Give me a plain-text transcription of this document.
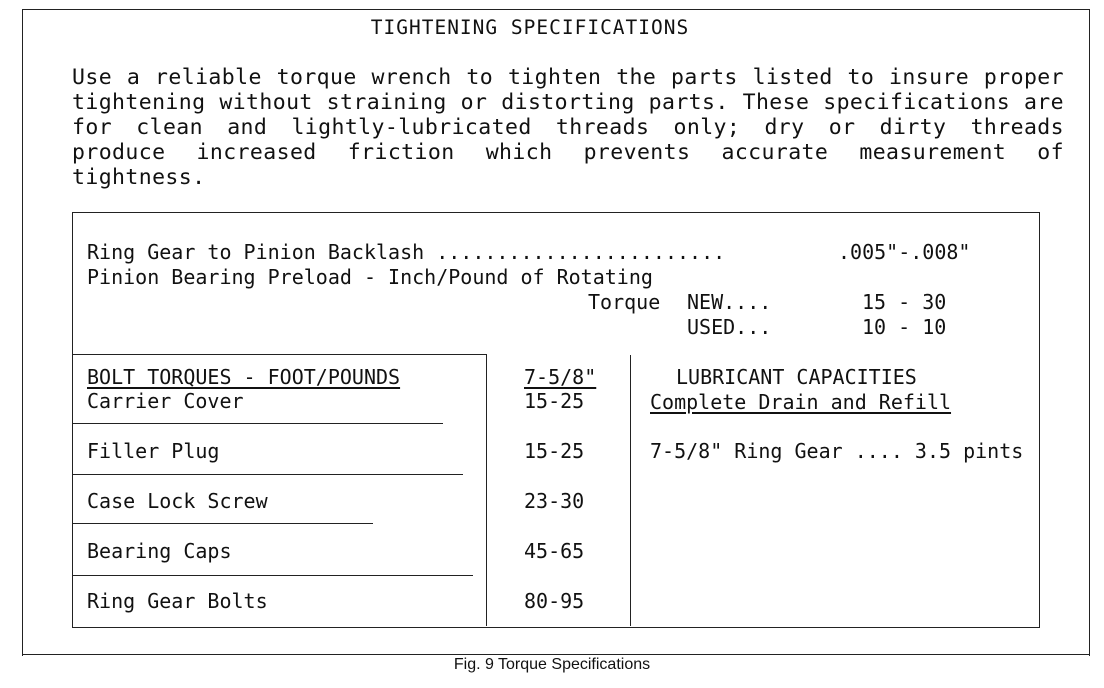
TIGHTENING SPECIFICATIONS

Use a reliable torque wrench to tighten the parts listed to insure proper tightening without straining or distorting parts. These specifications are for clean and lightly-lubricated threads only; dry or dirty threads produce increased friction which prevents accurate measurement of tightness.

Ring Gear to Pinion Backlash ........................	.005"-.008"
Pinion Bearing Preload - Inch/Pound of Rotating
Torque NEW....	15 - 30
USED...	10 - 10
BOLT TORQUES - FOOT/POUNDS	7-5/8"
Carrier Cover	15-25
Filler Plug	15-25
Case Lock Screw	23-30
Bearing Caps	45-65
Ring Gear Bolts	80-95
LUBRICANT CAPACITIES
Complete Drain and Refill
7-5/8" Ring Gear .... 3.5 pints
Fig. 9 Torque Specifications
